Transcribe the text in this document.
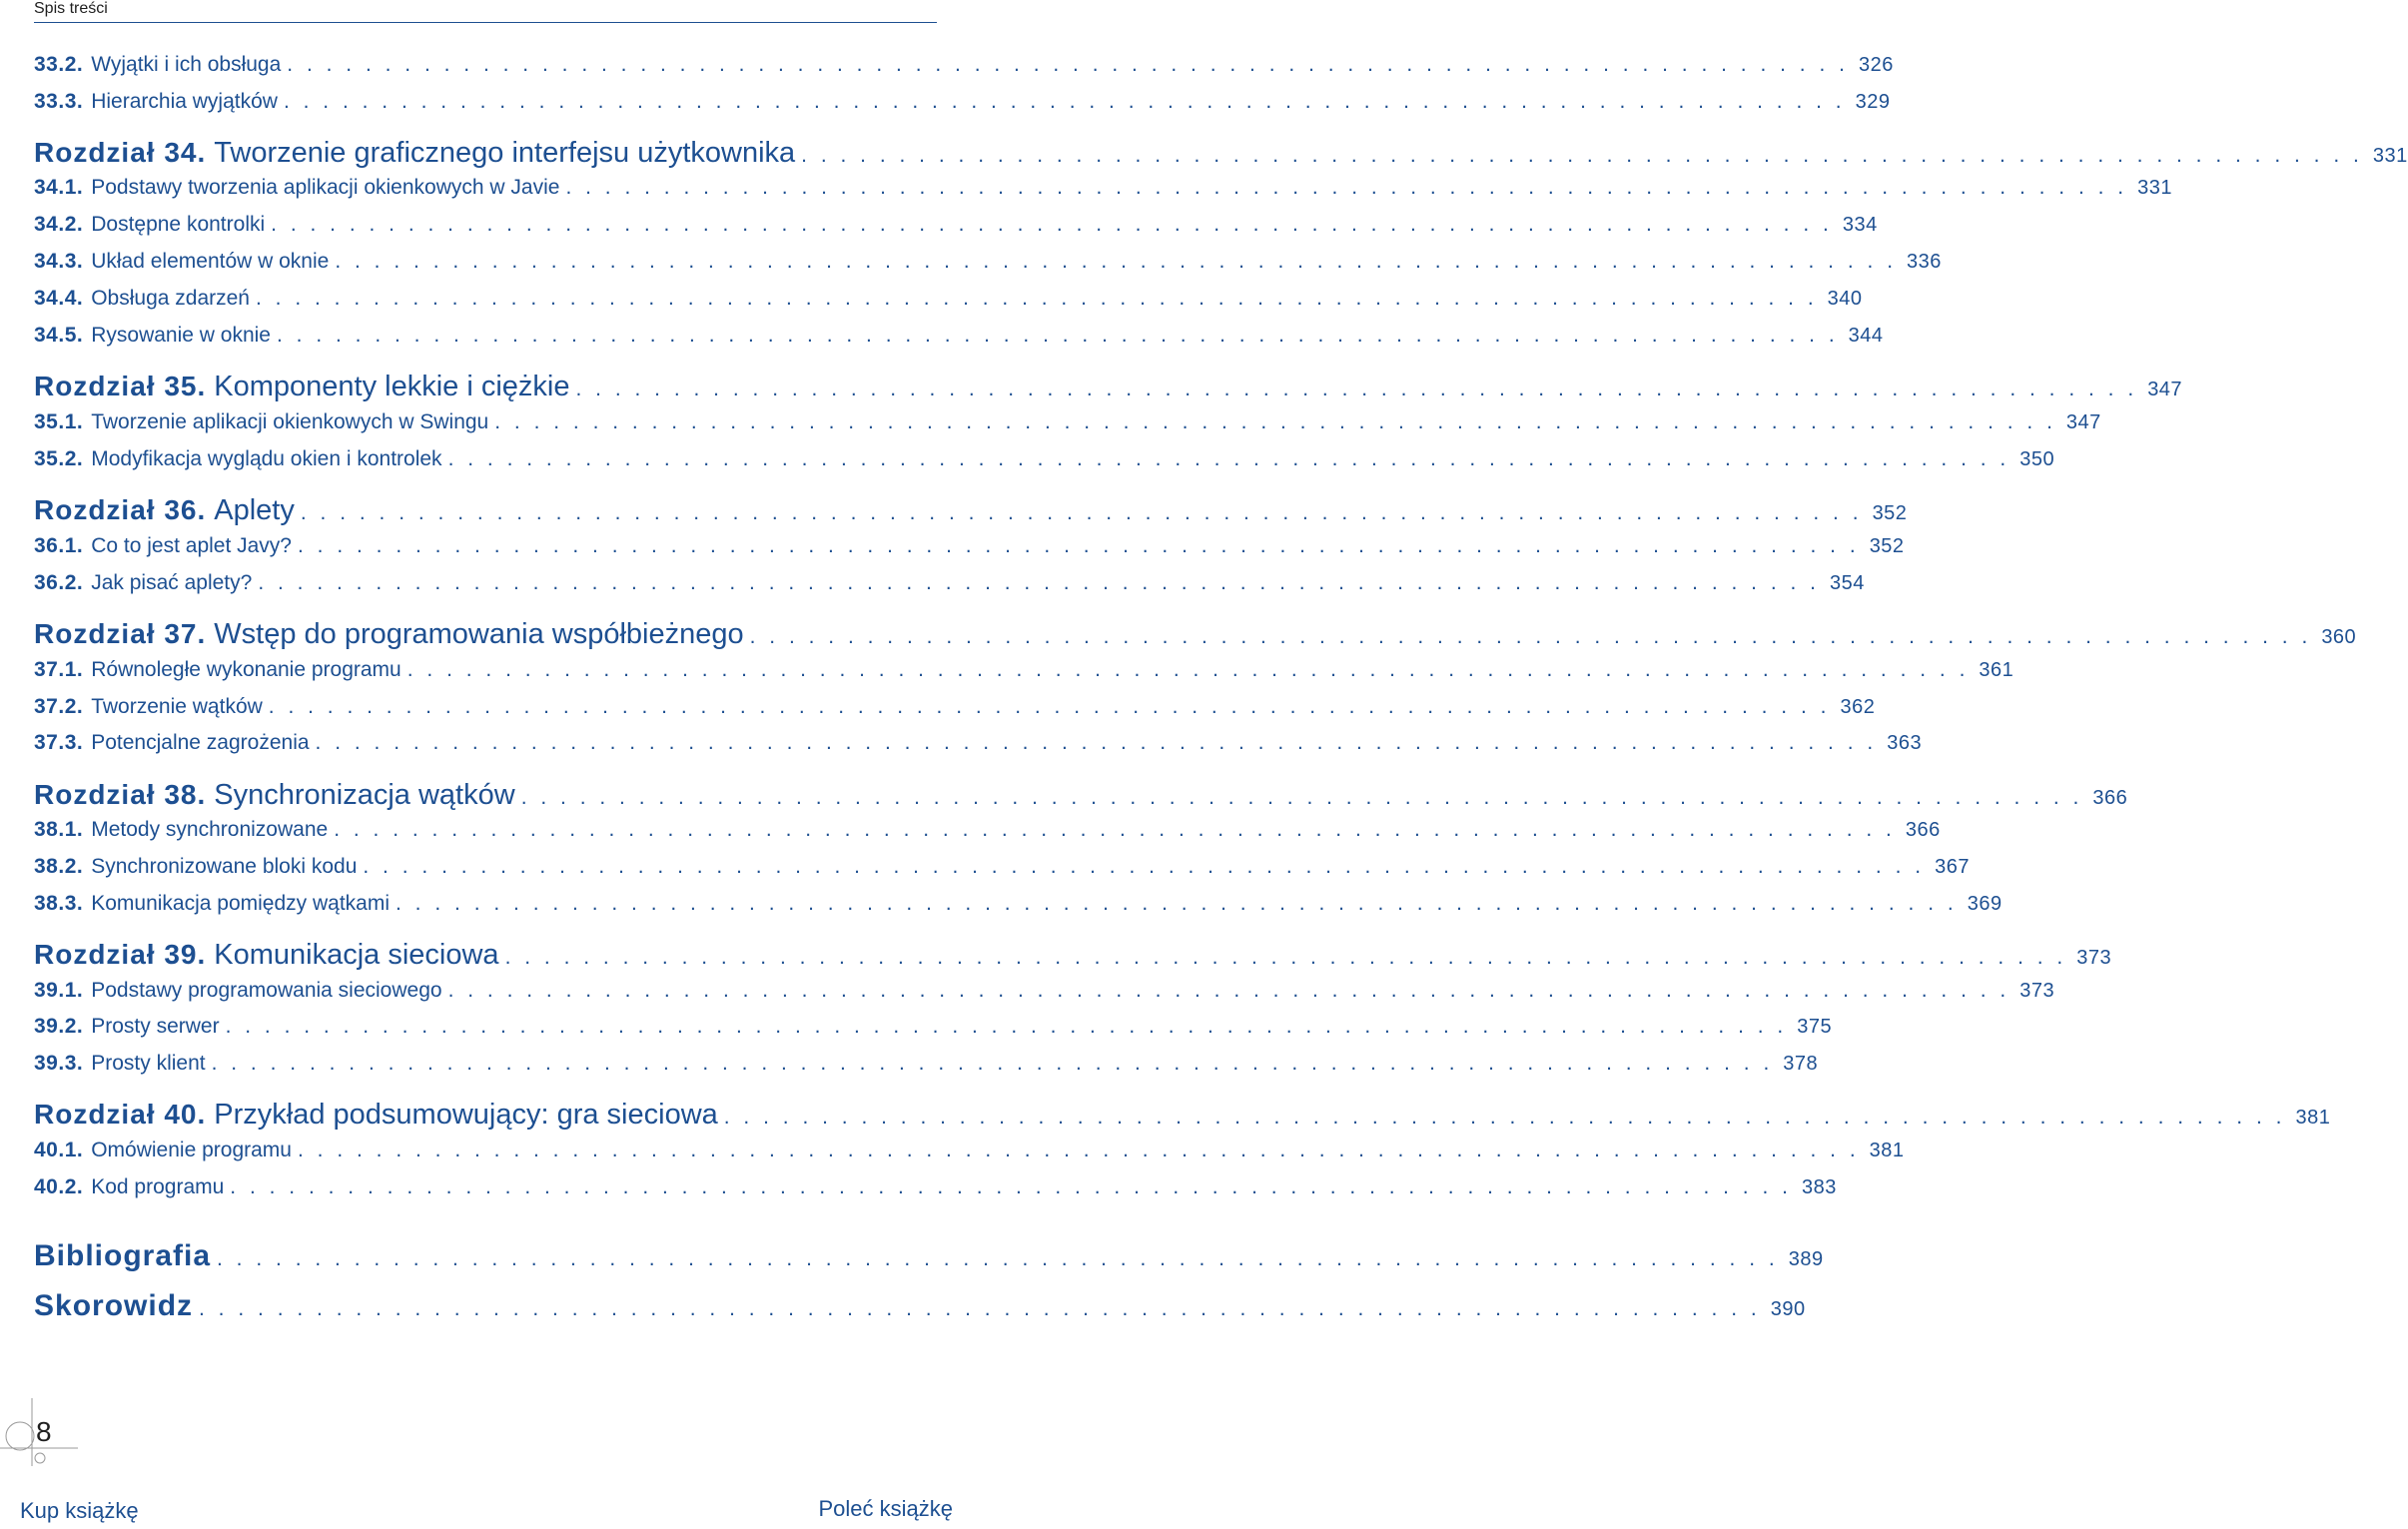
Spis treści
33.2. Wyjątki i ich obsługa . . . . . . . . . . . . . . . . . . . . . . . . . . . . . . . . . . . . . . . . . . . . . . . . . . . . . . . . . . . . . . . . . . . . . . . . . . . . . . . . 326
33.3. Hierarchia wyjątków . . . . . . . . . . . . . . . . . . . . . . . . . . . . . . . . . . . . . . . . . . . . . . . . . . . . . . . . . . . . . . . . . . . . . . . . . . . . . . . . 329
Rozdział 34. Tworzenie graficznego interfejsu użytkownika . . . . . . . . . . . . . . . . . . . . . . . . . . . . . . . . . . . . . . . . . . . . . . . . . . . . . . . . . . . . . . . . . . . . . . . . . . . . . . . . 331
34.1. Podstawy tworzenia aplikacji okienkowych w Javie . . . . . . . . . . . . . . . . . . . . . . . . . . . . . . . . . . . . . . . . . . . . . . . . . . . . . . . . . . . . . . . . . . . . . . . . . . . . . . . . 331
34.2. Dostępne kontrolki . . . . . . . . . . . . . . . . . . . . . . . . . . . . . . . . . . . . . . . . . . . . . . . . . . . . . . . . . . . . . . . . . . . . . . . . . . . . . . . . 334
34.3. Układ elementów w oknie . . . . . . . . . . . . . . . . . . . . . . . . . . . . . . . . . . . . . . . . . . . . . . . . . . . . . . . . . . . . . . . . . . . . . . . . . . . . . . . . 336
34.4. Obsługa zdarzeń . . . . . . . . . . . . . . . . . . . . . . . . . . . . . . . . . . . . . . . . . . . . . . . . . . . . . . . . . . . . . . . . . . . . . . . . . . . . . . . . 340
34.5. Rysowanie w oknie . . . . . . . . . . . . . . . . . . . . . . . . . . . . . . . . . . . . . . . . . . . . . . . . . . . . . . . . . . . . . . . . . . . . . . . . . . . . . . . . 344
Rozdział 35. Komponenty lekkie i ciężkie . . . . . . . . . . . . . . . . . . . . . . . . . . . . . . . . . . . . . . . . . . . . . . . . . . . . . . . . . . . . . . . . . . . . . . . . . . . . . . . . 347
35.1. Tworzenie aplikacji okienkowych w Swingu . . . . . . . . . . . . . . . . . . . . . . . . . . . . . . . . . . . . . . . . . . . . . . . . . . . . . . . . . . . . . . . . . . . . . . . . . . . . . . . . 347
35.2. Modyfikacja wyglądu okien i kontrolek . . . . . . . . . . . . . . . . . . . . . . . . . . . . . . . . . . . . . . . . . . . . . . . . . . . . . . . . . . . . . . . . . . . . . . . . . . . . . . . . 350
Rozdział 36. Aplety . . . . . . . . . . . . . . . . . . . . . . . . . . . . . . . . . . . . . . . . . . . . . . . . . . . . . . . . . . . . . . . . . . . . . . . . . . . . . . . . 352
36.1. Co to jest aplet Javy? . . . . . . . . . . . . . . . . . . . . . . . . . . . . . . . . . . . . . . . . . . . . . . . . . . . . . . . . . . . . . . . . . . . . . . . . . . . . . . . . 352
36.2. Jak pisać aplety? . . . . . . . . . . . . . . . . . . . . . . . . . . . . . . . . . . . . . . . . . . . . . . . . . . . . . . . . . . . . . . . . . . . . . . . . . . . . . . . . 354
Rozdział 37. Wstęp do programowania współbieżnego . . . . . . . . . . . . . . . . . . . . . . . . . . . . . . . . . . . . . . . . . . . . . . . . . . . . . . . . . . . . . . . . . . . . . . . . . . . . . . . . 360
37.1. Równoległe wykonanie programu . . . . . . . . . . . . . . . . . . . . . . . . . . . . . . . . . . . . . . . . . . . . . . . . . . . . . . . . . . . . . . . . . . . . . . . . . . . . . . . . 361
37.2. Tworzenie wątków . . . . . . . . . . . . . . . . . . . . . . . . . . . . . . . . . . . . . . . . . . . . . . . . . . . . . . . . . . . . . . . . . . . . . . . . . . . . . . . . 362
37.3. Potencjalne zagrożenia . . . . . . . . . . . . . . . . . . . . . . . . . . . . . . . . . . . . . . . . . . . . . . . . . . . . . . . . . . . . . . . . . . . . . . . . . . . . . . . . 363
Rozdział 38. Synchronizacja wątków . . . . . . . . . . . . . . . . . . . . . . . . . . . . . . . . . . . . . . . . . . . . . . . . . . . . . . . . . . . . . . . . . . . . . . . . . . . . . . . . 366
38.1. Metody synchronizowane . . . . . . . . . . . . . . . . . . . . . . . . . . . . . . . . . . . . . . . . . . . . . . . . . . . . . . . . . . . . . . . . . . . . . . . . . . . . . . . . 366
38.2. Synchronizowane bloki kodu . . . . . . . . . . . . . . . . . . . . . . . . . . . . . . . . . . . . . . . . . . . . . . . . . . . . . . . . . . . . . . . . . . . . . . . . . . . . . . . . 367
38.3. Komunikacja pomiędzy wątkami . . . . . . . . . . . . . . . . . . . . . . . . . . . . . . . . . . . . . . . . . . . . . . . . . . . . . . . . . . . . . . . . . . . . . . . . . . . . . . . . 369
Rozdział 39. Komunikacja sieciowa . . . . . . . . . . . . . . . . . . . . . . . . . . . . . . . . . . . . . . . . . . . . . . . . . . . . . . . . . . . . . . . . . . . . . . . . . . . . . . . . 373
39.1. Podstawy programowania sieciowego . . . . . . . . . . . . . . . . . . . . . . . . . . . . . . . . . . . . . . . . . . . . . . . . . . . . . . . . . . . . . . . . . . . . . . . . . . . . . . . . 373
39.2. Prosty serwer . . . . . . . . . . . . . . . . . . . . . . . . . . . . . . . . . . . . . . . . . . . . . . . . . . . . . . . . . . . . . . . . . . . . . . . . . . . . . . . . 375
39.3. Prosty klient . . . . . . . . . . . . . . . . . . . . . . . . . . . . . . . . . . . . . . . . . . . . . . . . . . . . . . . . . . . . . . . . . . . . . . . . . . . . . . . . 378
Rozdział 40. Przykład podsumowujący: gra sieciowa . . . . . . . . . . . . . . . . . . . . . . . . . . . . . . . . . . . . . . . . . . . . . . . . . . . . . . . . . . . . . . . . . . . . . . . . . . . . . . . . 381
40.1. Omówienie programu . . . . . . . . . . . . . . . . . . . . . . . . . . . . . . . . . . . . . . . . . . . . . . . . . . . . . . . . . . . . . . . . . . . . . . . . . . . . . . . . 381
40.2. Kod programu . . . . . . . . . . . . . . . . . . . . . . . . . . . . . . . . . . . . . . . . . . . . . . . . . . . . . . . . . . . . . . . . . . . . . . . . . . . . . . . . 383
Bibliografia . . . . . . . . . . . . . . . . . . . . . . . . . . . . . . . . . . . . . . . . . . . . . . . . . . . . . . . . . . . . . . . . . . . . . . . . . . . . . . . . 389
Skorowidz . . . . . . . . . . . . . . . . . . . . . . . . . . . . . . . . . . . . . . . . . . . . . . . . . . . . . . . . . . . . . . . . . . . . . . . . . . . . . . . . 390
8
Kup książkę	Poleć książkę
